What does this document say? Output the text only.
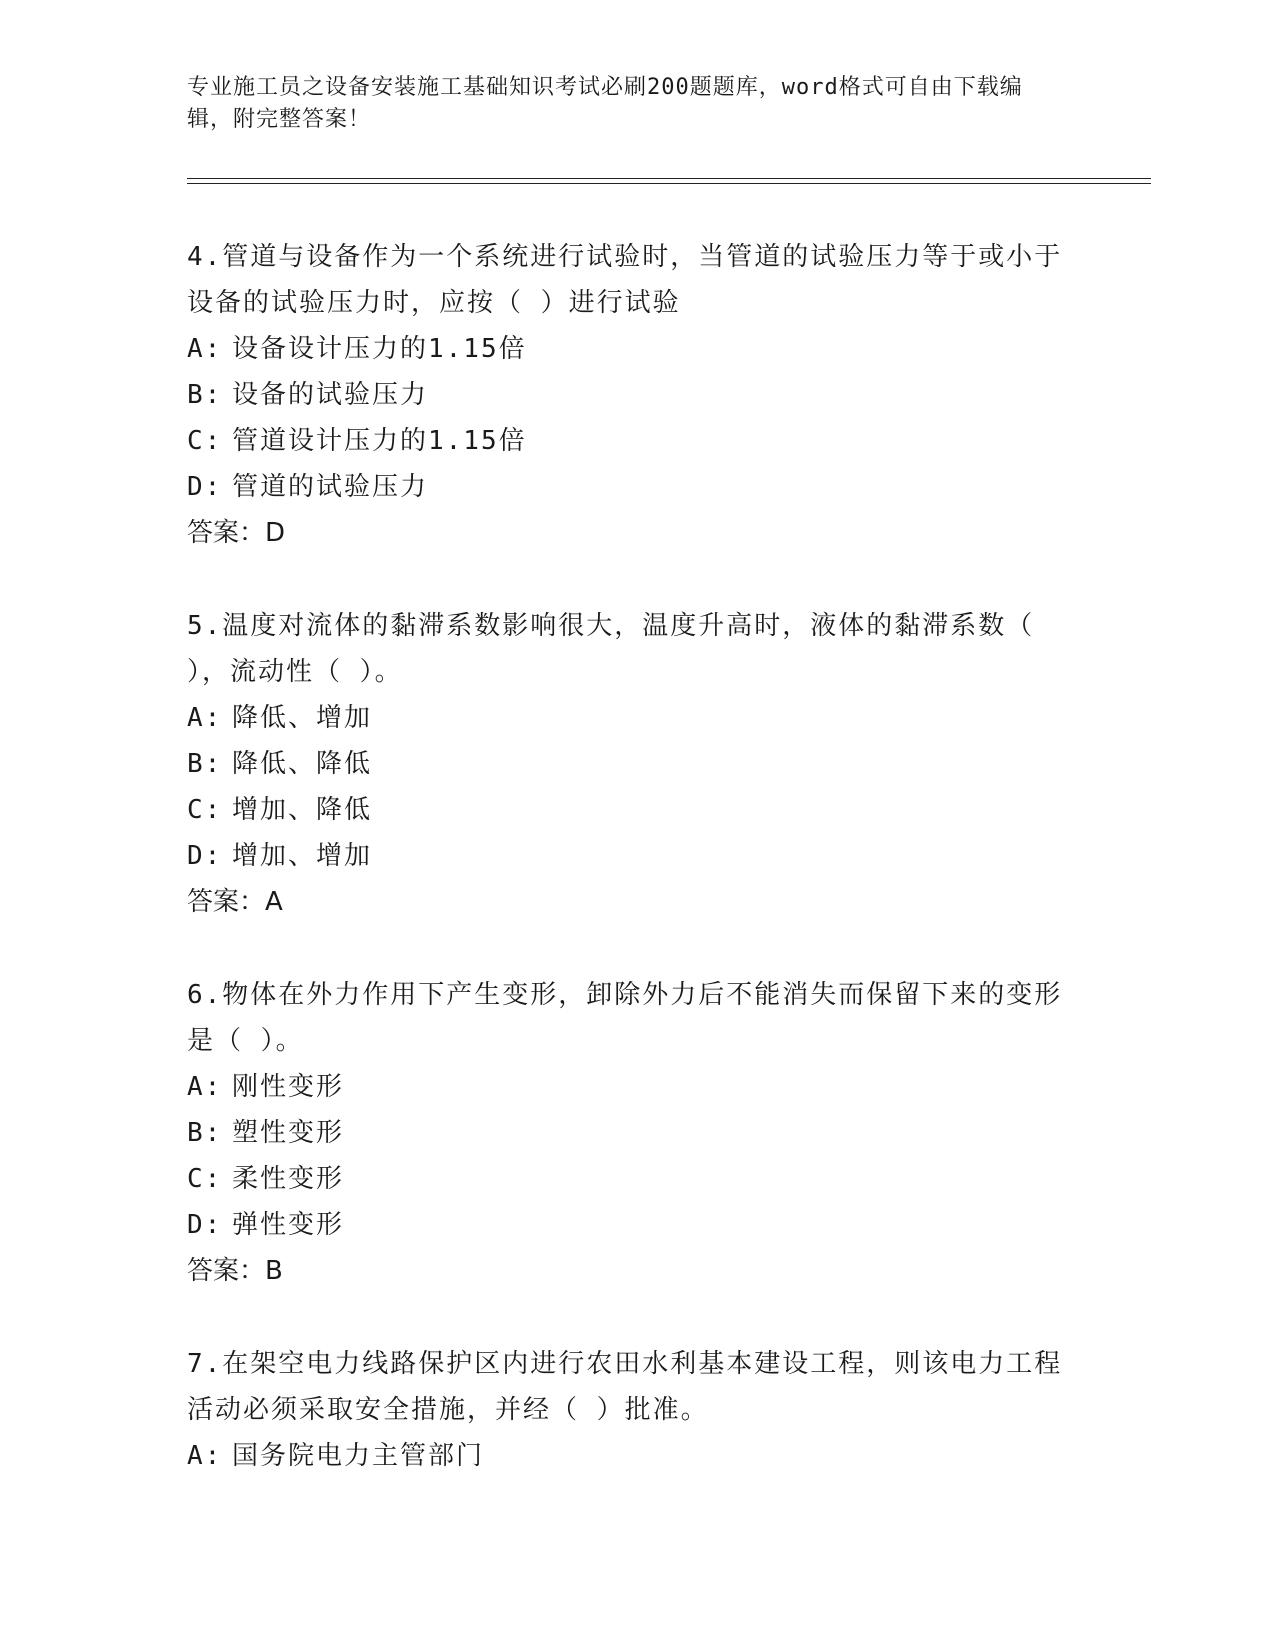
专业施工员之设备安装施工基础知识考试必刷200题题库，word格式可自由下载编辑，附完整答案！
4.管道与设备作为一个系统进行试验时，当管道的试验压力等于或小于设备的试验压力时，应按（ ）进行试验
A: 设备设计压力的1.15倍
B: 设备的试验压力
C: 管道设计压力的1.15倍
D: 管道的试验压力
答案：D
5.温度对流体的黏滞系数影响很大，温度升高时，液体的黏滞系数（ ），流动性（ ）。
A: 降低、增加
B: 降低、降低
C: 增加、降低
D: 增加、增加
答案：A
6.物体在外力作用下产生变形，卸除外力后不能消失而保留下来的变形是（ ）。
A: 刚性变形
B: 塑性变形
C: 柔性变形
D: 弹性变形
答案：B
7.在架空电力线路保护区内进行农田水利基本建设工程，则该电力工程活动必须采取安全措施，并经（ ）批准。
A: 国务院电力主管部门
